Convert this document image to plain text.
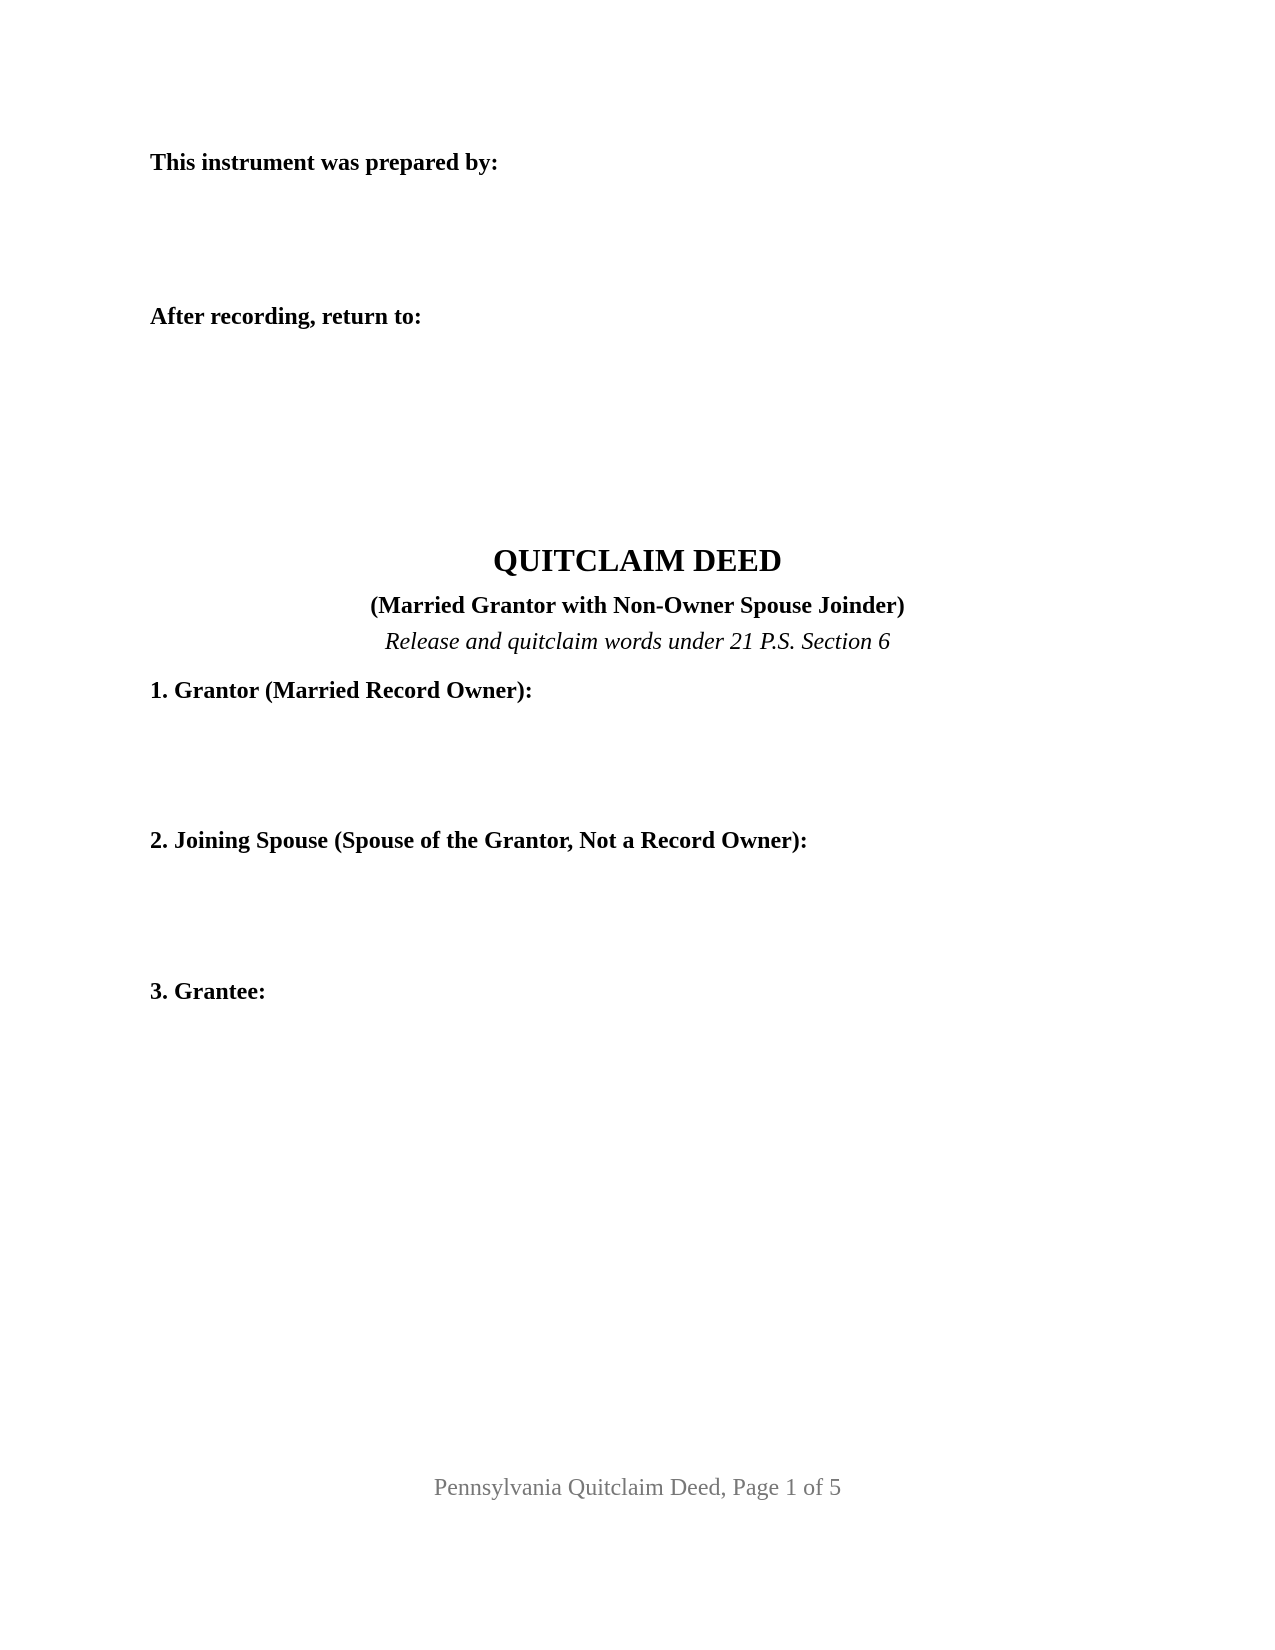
This instrument was prepared by:

After recording, return to:

QUITCLAIM DEED

(Married Grantor with Non-Owner Spouse Joinder)

Release and quitclaim words under 21 P.S. Section 6

1. Grantor (Married Record Owner):

2. Joining Spouse (Spouse of the Grantor, Not a Record Owner):

3. Grantee:

Pennsylvania Quitclaim Deed, Page 1 of 5
